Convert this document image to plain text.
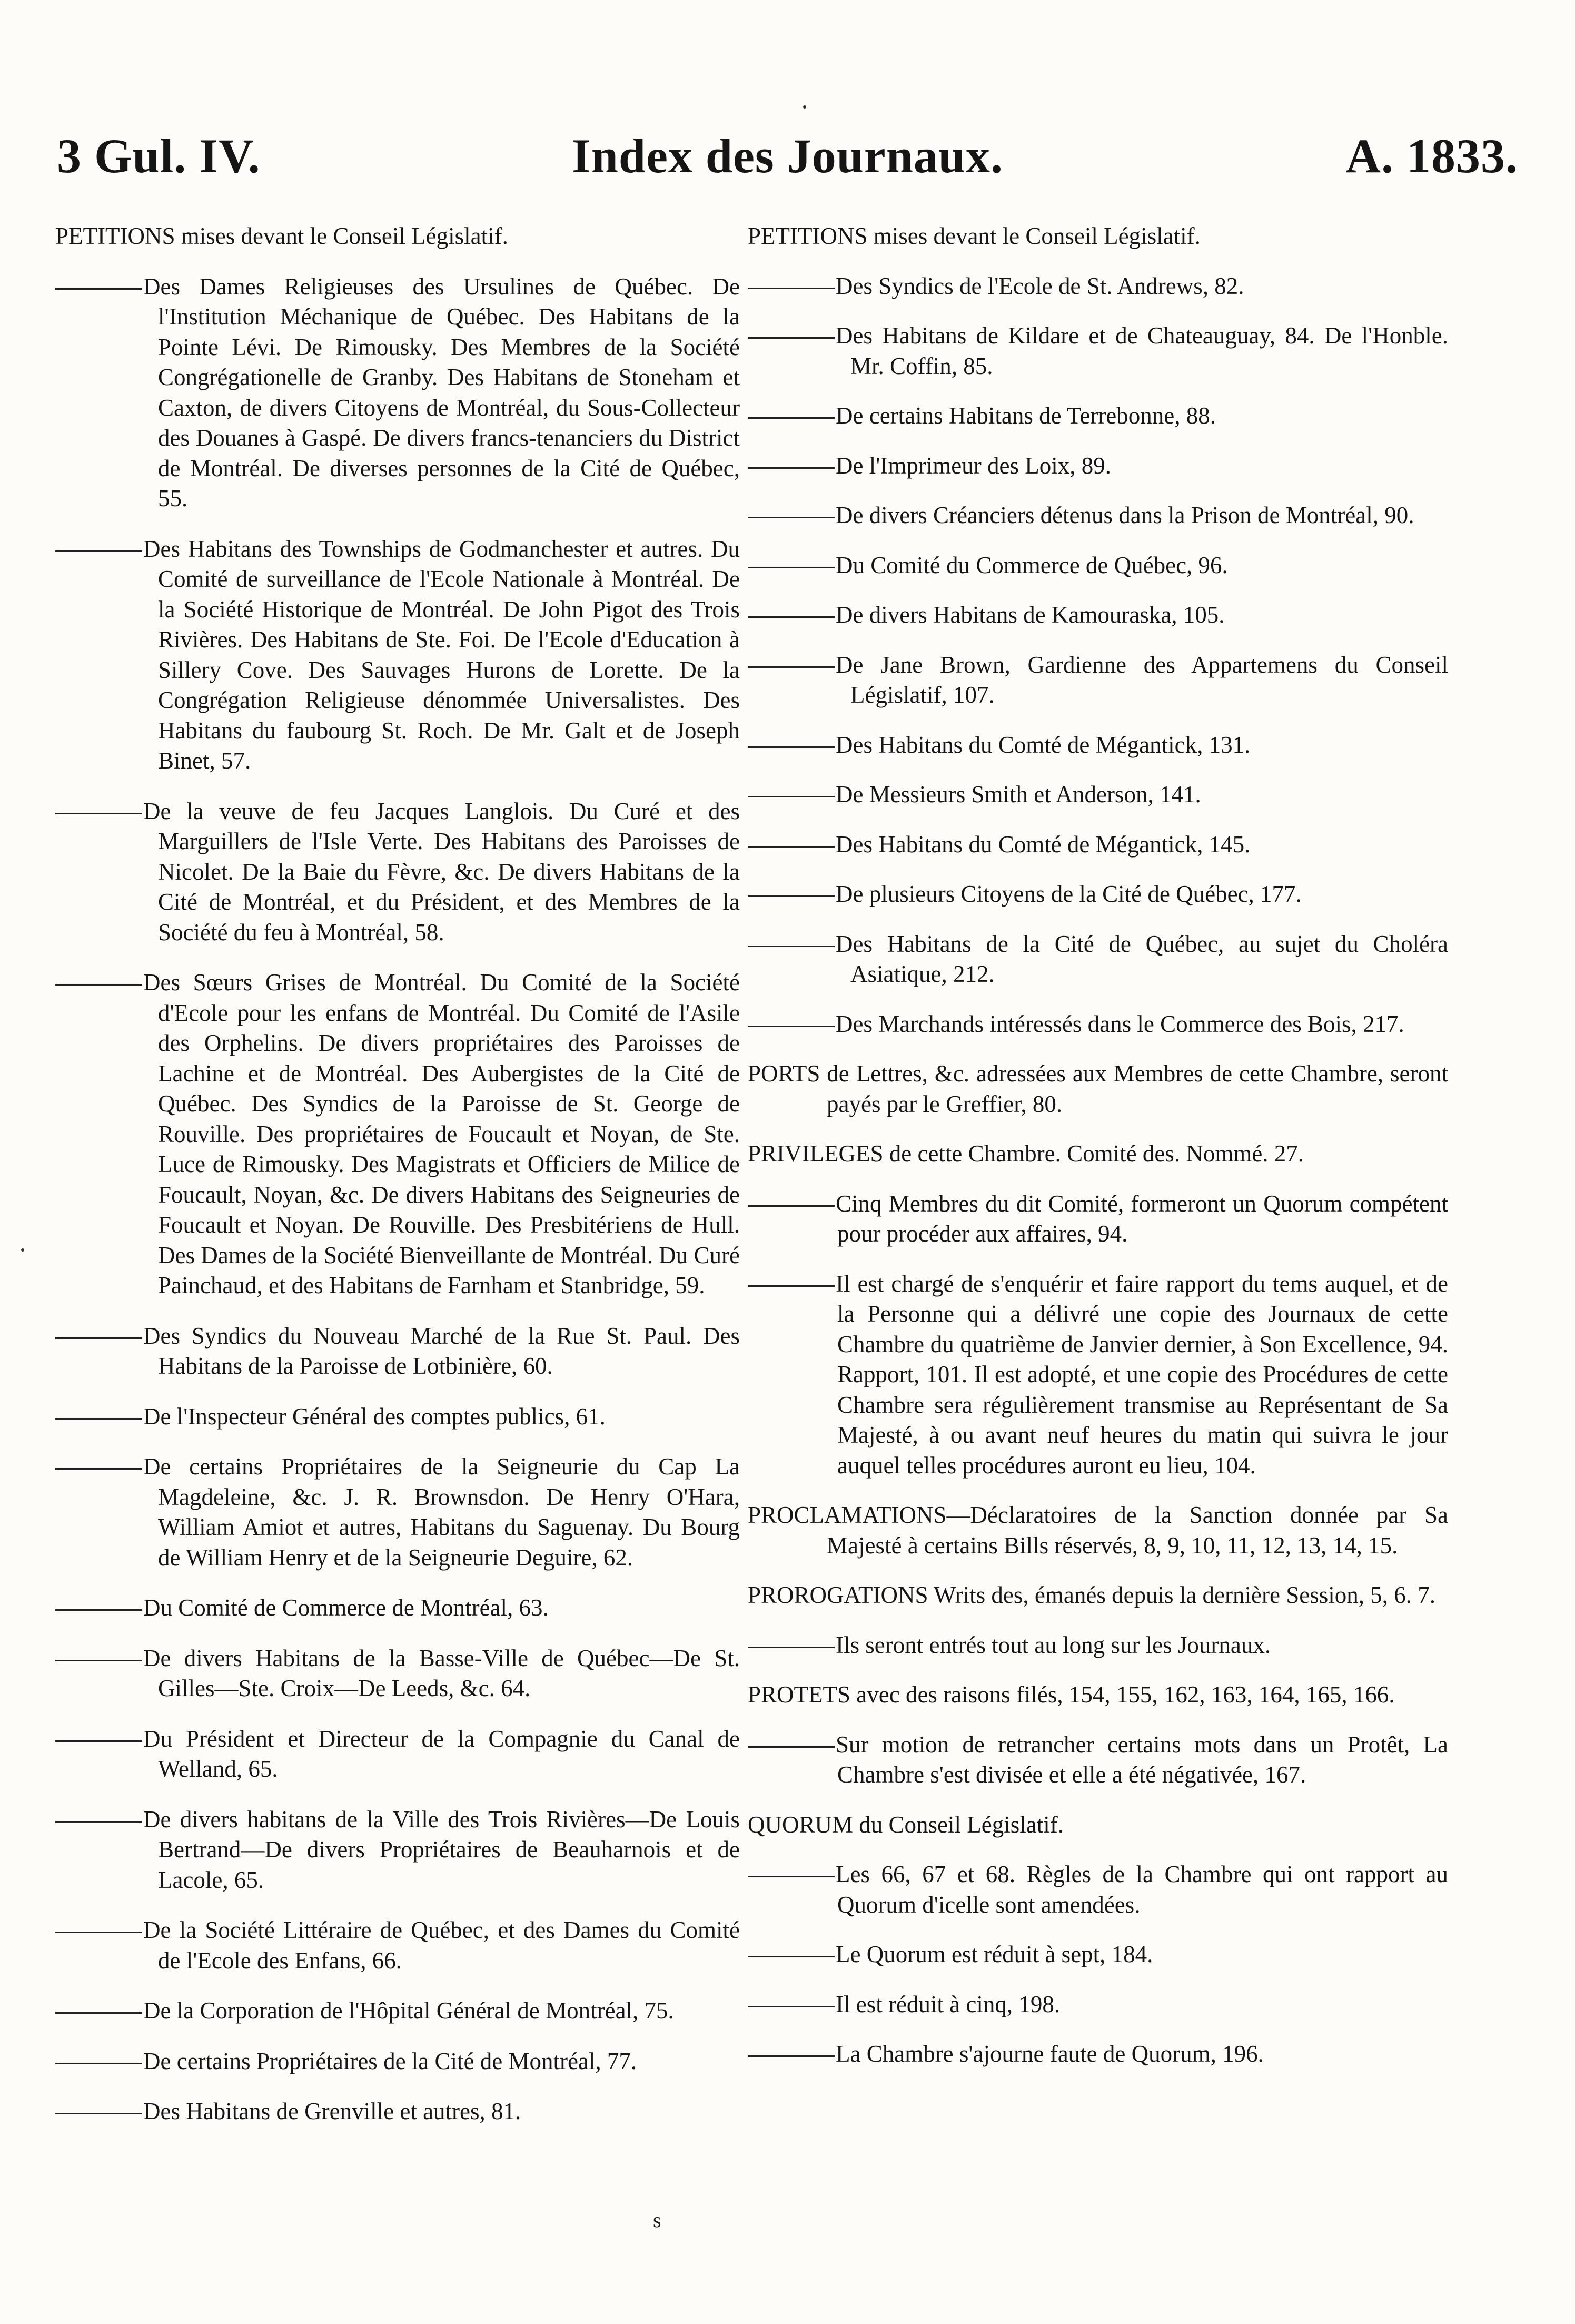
3 Gul. IV.	Index des Journaux.	A. 1833.
PETITIONS mises devant le Conseil Législatif.
Des Dames Religieuses des Ursulines de Québec. De l'Institution Méchanique de Québec. Des Habitans de la Pointe Lévi. De Rimousky. Des Membres de la Société Congrégationelle de Granby. Des Habitans de Stoneham et Caxton, de divers Citoyens de Montréal, du Sous-Collecteur des Douanes à Gaspé. De divers francs-tenanciers du District de Montréal. De diverses personnes de la Cité de Québec, 55.
Des Habitans des Townships de Godmanchester et autres. Du Comité de surveillance de l'Ecole Nationale à Montréal. De la Société Historique de Montréal. De John Pigot des Trois Rivières. Des Habitans de Ste. Foi. De l'Ecole d'Education à Sillery Cove. Des Sauvages Hurons de Lorette. De la Congrégation Religieuse dénommée Universalistes. Des Habitans du faubourg St. Roch. De Mr. Galt et de Joseph Binet, 57.
De la veuve de feu Jacques Langlois. Du Curé et des Marguillers de l'Isle Verte. Des Habitans des Paroisses de Nicolet. De la Baie du Fèvre, &c. De divers Habitans de la Cité de Montréal, et du Président, et des Membres de la Société du feu à Montréal, 58.
Des Sœurs Grises de Montréal. Du Comité de la Société d'Ecole pour les enfans de Montréal. Du Comité de l'Asile des Orphelins. De divers propriétaires des Paroisses de Lachine et de Montréal. Des Aubergistes de la Cité de Québec. Des Syndics de la Paroisse de St. George de Rouville. Des propriétaires de Foucault et Noyan, de Ste. Luce de Rimousky. Des Magistrats et Officiers de Milice de Foucault, Noyan, &c. De divers Habitans des Seigneuries de Foucault et Noyan. De Rouville. Des Presbitériens de Hull. Des Dames de la Société Bienveillante de Montréal. Du Curé Painchaud, et des Habitans de Farnham et Stanbridge, 59.
Des Syndics du Nouveau Marché de la Rue St. Paul. Des Habitans de la Paroisse de Lotbinière, 60.
De l'Inspecteur Général des comptes publics, 61.
De certains Propriétaires de la Seigneurie du Cap La Magdeleine, &c. J. R. Brownsdon. De Henry O'Hara, William Amiot et autres, Habitans du Saguenay. Du Bourg de William Henry et de la Seigneurie Deguire, 62.
Du Comité de Commerce de Montréal, 63.
De divers Habitans de la Basse-Ville de Québec—De St. Gilles—Ste. Croix—De Leeds, &c. 64.
Du Président et Directeur de la Compagnie du Canal de Welland, 65.
De divers habitans de la Ville des Trois Rivières—De Louis Bertrand—De divers Propriétaires de Beauharnois et de Lacole, 65.
De la Société Littéraire de Québec, et des Dames du Comité de l'Ecole des Enfans, 66.
De la Corporation de l'Hôpital Général de Montréal, 75.
De certains Propriétaires de la Cité de Montréal, 77.
Des Habitans de Grenville et autres, 81.
PETITIONS mises devant le Conseil Législatif.
Des Syndics de l'Ecole de St. Andrews, 82.
Des Habitans de Kildare et de Chateauguay, 84. De l'Honble. Mr. Coffin, 85.
De certains Habitans de Terrebonne, 88.
De l'Imprimeur des Loix, 89.
De divers Créanciers détenus dans la Prison de Montréal, 90.
Du Comité du Commerce de Québec, 96.
De divers Habitans de Kamouraska, 105.
De Jane Brown, Gardienne des Appartemens du Conseil Législatif, 107.
Des Habitans du Comté de Mégantick, 131.
De Messieurs Smith et Anderson, 141.
Des Habitans du Comté de Mégantick, 145.
De plusieurs Citoyens de la Cité de Québec, 177.
Des Habitans de la Cité de Québec, au sujet du Choléra Asiatique, 212.
Des Marchands intéressés dans le Commerce des Bois, 217.
PORTS de Lettres, &c. adressées aux Membres de cette Chambre, seront payés par le Greffier, 80.
PRIVILEGES de cette Chambre. Comité des. Nommé. 27.
Cinq Membres du dit Comité, formeront un Quorum compétent pour procéder aux affaires, 94.
Il est chargé de s'enquérir et faire rapport du tems auquel, et de la Personne qui a délivré une copie des Journaux de cette Chambre du quatrième de Janvier dernier, à Son Excellence, 94. Rapport, 101. Il est adopté, et une copie des Procédures de cette Chambre sera régulièrement transmise au Représentant de Sa Majesté, à ou avant neuf heures du matin qui suivra le jour auquel telles procédures auront eu lieu, 104.
PROCLAMATIONS—Déclaratoires de la Sanction donnée par Sa Majesté à certains Bills réservés, 8, 9, 10, 11, 12, 13, 14, 15.
PROROGATIONS Writs des, émanés depuis la dernière Session, 5, 6. 7.
Ils seront entrés tout au long sur les Journaux.
PROTETS avec des raisons filés, 154, 155, 162, 163, 164, 165, 166.
Sur motion de retrancher certains mots dans un Protêt, La Chambre s'est divisée et elle a été négativée, 167.
QUORUM du Conseil Législatif.
Les 66, 67 et 68. Règles de la Chambre qui ont rapport au Quorum d'icelle sont amendées.
Le Quorum est réduit à sept, 184.
Il est réduit à cinq, 198.
La Chambre s'ajourne faute de Quorum, 196.
s
